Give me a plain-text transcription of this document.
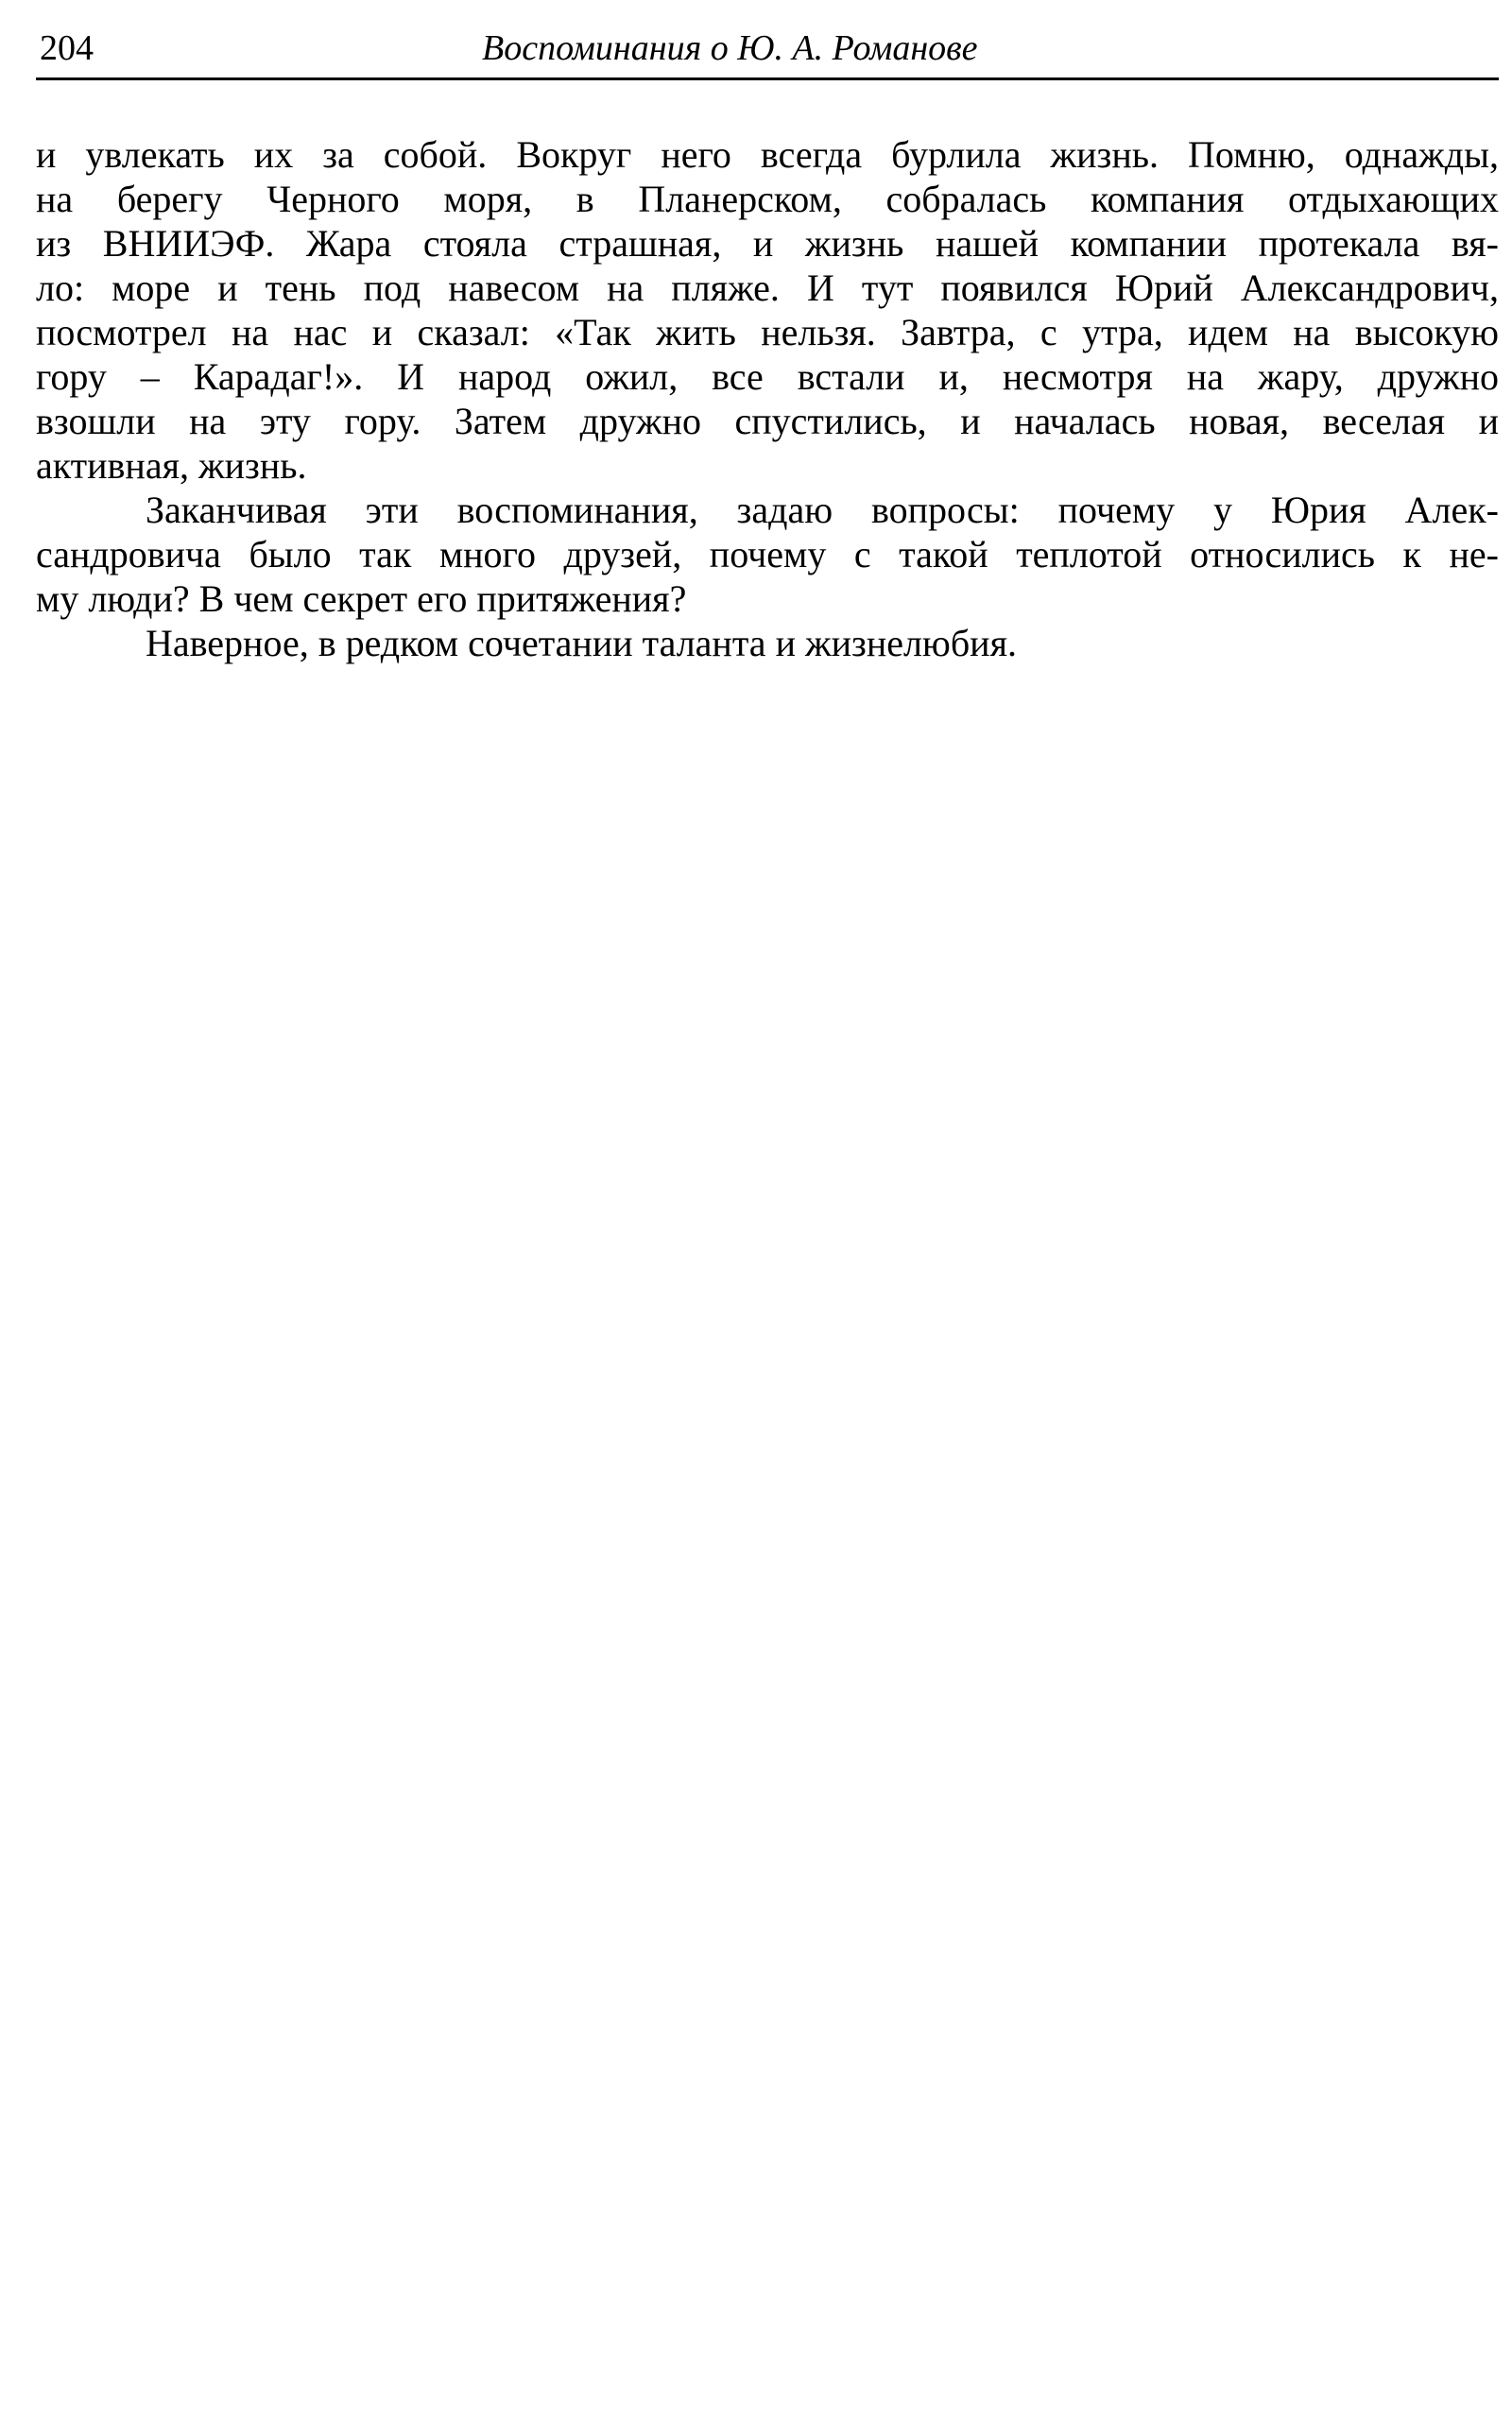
204	Воспоминания о Ю. А. Романове

и увлекать их за собой. Вокруг него всегда бурлила жизнь. Помню, однажды,
на берегу Черного моря, в Планерском, собралась компания отдыхающих
из ВНИИЭФ. Жара стояла страшная, и жизнь нашей компании протекала вя-
ло: море и тень под навесом на пляже. И тут появился Юрий Александрович,
посмотрел на нас и сказал: «Так жить нельзя. Завтра, с утра, идем на высокую
гору – Карадаг!». И народ ожил, все встали и, несмотря на жару, дружно
взошли на эту гору. Затем дружно спустились, и началась новая, веселая и
активная, жизнь.

Заканчивая эти воспоминания, задаю вопросы: почему у Юрия Алек-
сандровича было так много друзей, почему с такой теплотой относились к не-
му люди? В чем секрет его притяжения?

Наверное, в редком сочетании таланта и жизнелюбия.
